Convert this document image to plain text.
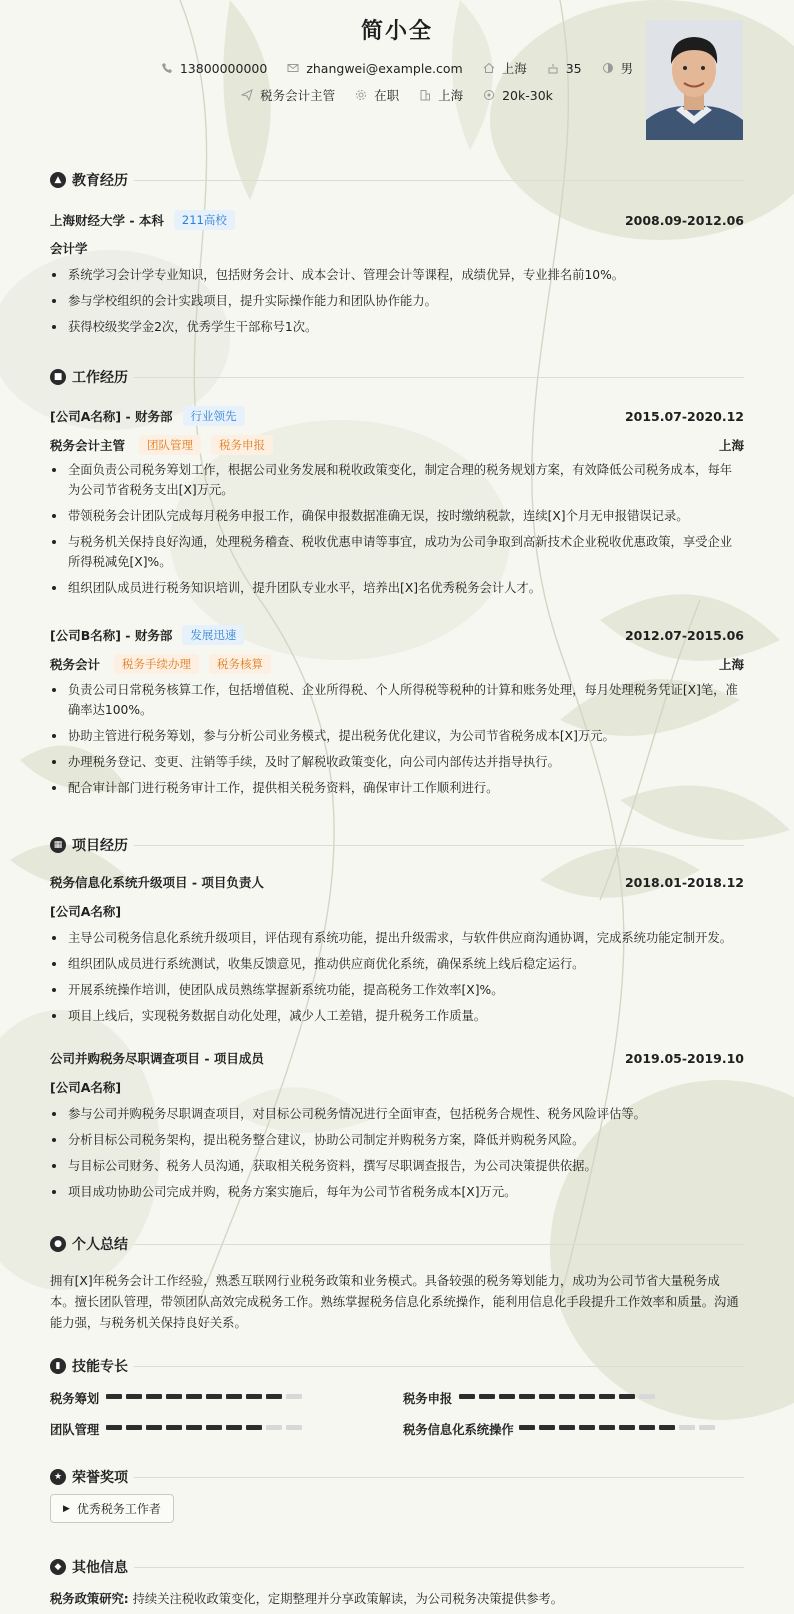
简小全
13800000000	zhangwei@example.com	上海	35	男
税务会计主管	在职	上海	20k-30k
▲ 教育经历
上海财经大学 - 本科	211高校	2008.09-2012.06
会计学
系统学习会计学专业知识，包括财务会计、成本会计、管理会计等课程，成绩优异，专业排名前10%。
参与学校组织的会计实践项目，提升实际操作能力和团队协作能力。
获得校级奖学金2次，优秀学生干部称号1次。
■ 工作经历
[公司A名称] - 财务部	行业领先	2015.07-2020.12
税务会计主管	团队管理	税务申报	上海
全面负责公司税务筹划工作，根据公司业务发展和税收政策变化，制定合理的税务规划方案，有效降低公司税务成本，每年为公司节省税务支出[X]万元。
带领税务会计团队完成每月税务申报工作，确保申报数据准确无误，按时缴纳税款，连续[X]个月无申报错误记录。
与税务机关保持良好沟通，处理税务稽查、税收优惠申请等事宜，成功为公司争取到高新技术企业税收优惠政策，享受企业所得税减免[X]%。
组织团队成员进行税务知识培训，提升团队专业水平，培养出[X]名优秀税务会计人才。
[公司B名称] - 财务部	发展迅速	2012.07-2015.06
税务会计	税务手续办理	税务核算	上海
负责公司日常税务核算工作，包括增值税、企业所得税、个人所得税等税种的计算和账务处理，每月处理税务凭证[X]笔，准确率达100%。
协助主管进行税务筹划，参与分析公司业务模式，提出税务优化建议，为公司节省税务成本[X]万元。
办理税务登记、变更、注销等手续，及时了解税收政策变化，向公司内部传达并指导执行。
配合审计部门进行税务审计工作，提供相关税务资料，确保审计工作顺利进行。
▦ 项目经历
税务信息化系统升级项目 - 项目负责人	2018.01-2018.12
[公司A名称]
主导公司税务信息化系统升级项目，评估现有系统功能，提出升级需求，与软件供应商沟通协调，完成系统功能定制开发。
组织团队成员进行系统测试，收集反馈意见，推动供应商优化系统，确保系统上线后稳定运行。
开展系统操作培训，使团队成员熟练掌握新系统功能，提高税务工作效率[X]%。
项目上线后，实现税务数据自动化处理，减少人工差错，提升税务工作质量。
公司并购税务尽职调查项目 - 项目成员	2019.05-2019.10
[公司A名称]
参与公司并购税务尽职调查项目，对目标公司税务情况进行全面审查，包括税务合规性、税务风险评估等。
分析目标公司税务架构，提出税务整合建议，协助公司制定并购税务方案，降低并购税务风险。
与目标公司财务、税务人员沟通，获取相关税务资料，撰写尽职调查报告，为公司决策提供依据。
项目成功协助公司完成并购，税务方案实施后，每年为公司节省税务成本[X]万元。
● 个人总结
拥有[X]年税务会计工作经验，熟悉互联网行业税务政策和业务模式。具备较强的税务筹划能力，成功为公司节省大量税务成本。擅长团队管理，带领团队高效完成税务工作。熟练掌握税务信息化系统操作，能利用信息化手段提升工作效率和质量。沟通能力强，与税务机关保持良好关系。
▮ 技能专长
税务筹划	税务申报
团队管理	税务信息化系统操作
★ 荣誉奖项
▶ 优秀税务工作者
◆ 其他信息
税务政策研究: 持续关注税收政策变化，定期整理并分享政策解读，为公司税务决策提供参考。
